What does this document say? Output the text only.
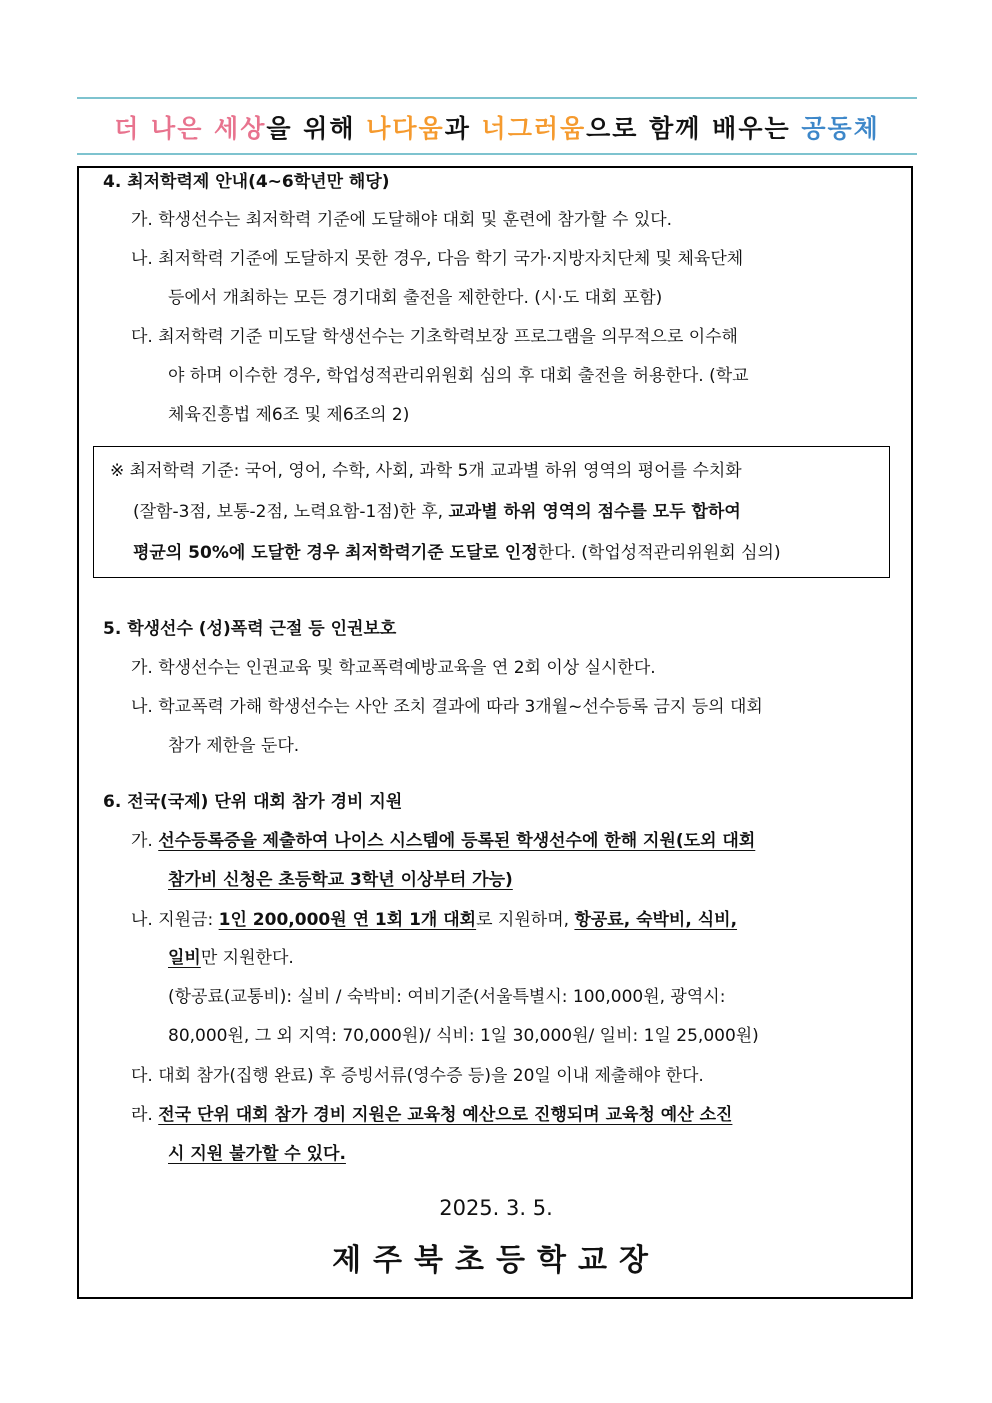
더 나은 세상을 위해 나다움과 너그러움으로 함께 배우는 공동체
4. 최저학력제 안내(4~6학년만 해당)
가. 학생선수는 최저학력 기준에 도달해야 대회 및 훈련에 참가할 수 있다.
나. 최저학력 기준에 도달하지 못한 경우, 다음 학기 국가·지방자치단체 및 체육단체
등에서 개최하는 모든 경기대회 출전을 제한한다. (시·도 대회 포함)
다. 최저학력 기준 미도달 학생선수는 기초학력보장 프로그램을 의무적으로 이수해
야 하며 이수한 경우, 학업성적관리위원회 심의 후 대회 출전을 허용한다. (학교
체육진흥법 제6조 및 제6조의 2)
※ 최저학력 기준: 국어, 영어, 수학, 사회, 과학 5개 교과별 하위 영역의 평어를 수치화
(잘함-3점, 보통-2점, 노력요함-1점)한 후, 교과별 하위 영역의 점수를 모두 합하여
평균의 50%에 도달한 경우 최저학력기준 도달로 인정한다. (학업성적관리위원회 심의)
5. 학생선수 (성)폭력 근절 등 인권보호
가. 학생선수는 인권교육 및 학교폭력예방교육을 연 2회 이상 실시한다.
나. 학교폭력 가해 학생선수는 사안 조치 결과에 따라 3개월~선수등록 금지 등의 대회
참가 제한을 둔다.
6. 전국(국제) 단위 대회 참가 경비 지원
가. 선수등록증을 제출하여 나이스 시스템에 등록된 학생선수에 한해 지원(도외 대회
참가비 신청은 초등학교 3학년 이상부터 가능)
나. 지원금: 1인 200,000원 연 1회 1개 대회로 지원하며, 항공료, 숙박비, 식비,
일비만 지원한다.
(항공료(교통비): 실비 / 숙박비: 여비기준(서울특별시: 100,000원, 광역시:
80,000원, 그 외 지역: 70,000원)/ 식비: 1일 30,000원/ 일비: 1일 25,000원)
다. 대회 참가(집행 완료) 후 증빙서류(영수증 등)을 20일 이내 제출해야 한다.
라. 전국 단위 대회 참가 경비 지원은 교육청 예산으로 진행되며 교육청 예산 소진
시 지원 불가할 수 있다.
2025. 3. 5.
제주북초등학교장
